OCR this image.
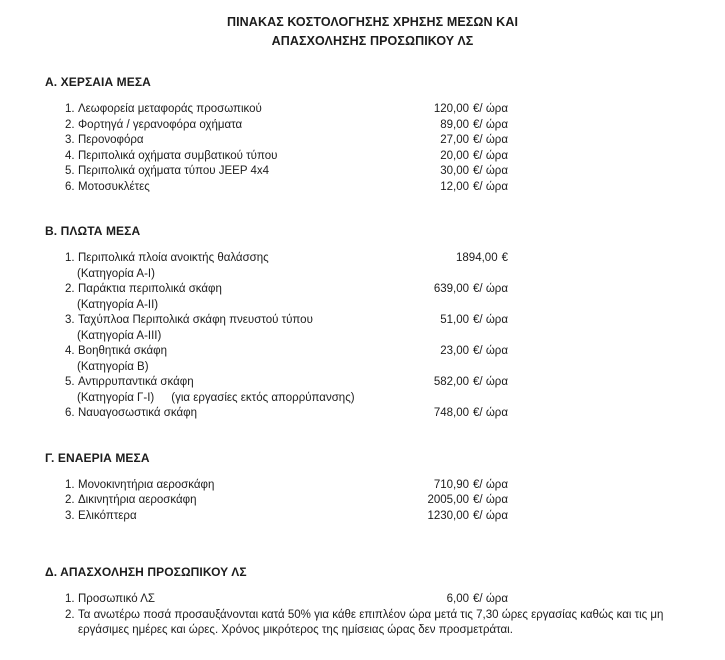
ΠΙΝΑΚΑΣ ΚΟΣΤΟΛΟΓΗΣΗΣ ΧΡΗΣΗΣ ΜΕΣΩΝ ΚΑΙ
ΑΠΑΣΧΟΛΗΣΗΣ ΠΡΟΣΩΠΙΚΟΥ ΛΣ
Α. ΧΕΡΣΑΙΑ ΜΕΣΑ
1. Λεωφορεία μεταφοράς προσωπικού	120,00 €/ ώρα
2. Φορτηγά / γερανοφόρα οχήματα	89,00 €/ ώρα
3. Περονοφόρα	27,00 €/ ώρα
4. Περιπολικά οχήματα συμβατικού τύπου	20,00 €/ ώρα
5. Περιπολικά οχήματα τύπου JEEP 4x4	30,00 €/ ώρα
6. Μοτοσυκλέτες	12,00 €/ ώρα
Β. ΠΛΩΤΑ ΜΕΣΑ
1. Περιπολικά πλοία ανοικτής θαλάσσης	1894,00 €
(Κατηγορία Α-Ι)
2. Παράκτια περιπολικά σκάφη	639,00 €/ ώρα
(Κατηγορία Α-ΙΙ)
3. Ταχύπλοα Περιπολικά σκάφη πνευστού τύπου	51,00 €/ ώρα
(Κατηγορία Α-ΙΙΙ)
4. Βοηθητικά σκάφη	23,00 €/ ώρα
(Κατηγορία Β)
5. Αντιρρυπαντικά σκάφη	582,00 €/ ώρα
(Κατηγορία Γ-Ι) (για εργασίες εκτός απορρύπανσης)
6. Ναυαγοσωστικά σκάφη	748,00 €/ ώρα
Γ. ΕΝΑΕΡΙΑ ΜΕΣΑ
1. Μονοκινητήρια αεροσκάφη	710,90 €/ ώρα
2. Δικινητήρια αεροσκάφη	2005,00 €/ ώρα
3. Ελικόπτερα	1230,00 €/ ώρα
Δ. ΑΠΑΣΧΟΛΗΣΗ ΠΡΟΣΩΠΙΚΟΥ ΛΣ
1. Προσωπικό ΛΣ	6,00 €/ ώρα
2. Τα ανωτέρω ποσά προσαυξάνονται κατά 50% για κάθε επιπλέον ώρα μετά τις 7,30 ώρες εργασίας καθώς και τις μη εργάσιμες ημέρες και ώρες. Χρόνος μικρότερος της ημίσειας ώρας δεν προσμετράται.
